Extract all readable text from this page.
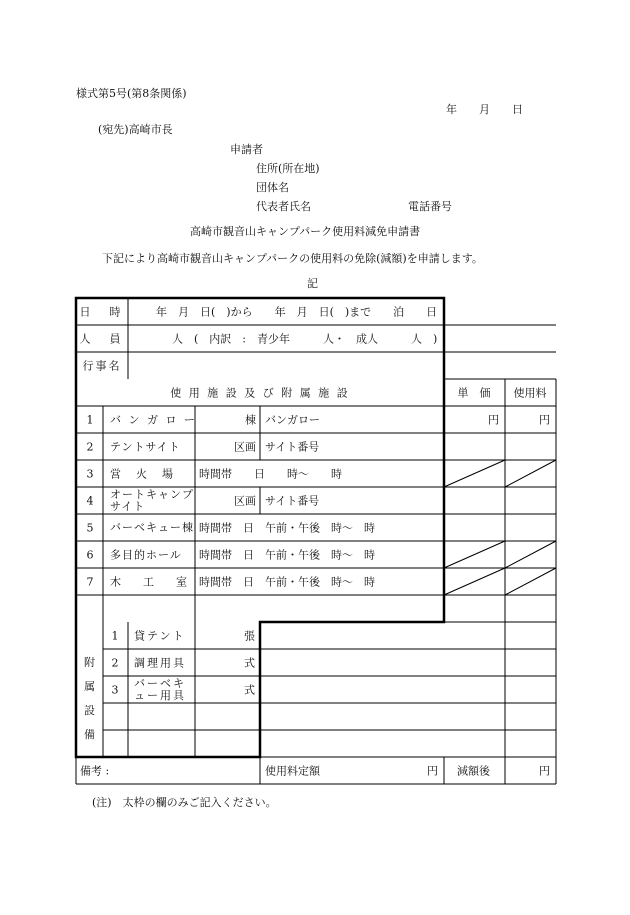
様式第5号(第8条関係)
年　　月　　日
(宛先)高崎市長
申請者
住所(所在地)
団体名
代表者氏名	電話番号
高崎市観音山キャンプパーク使用料減免申請書
下記により高崎市観音山キャンプパークの使用料の免除(減額)を申請します。
記
日　時	年　月　日(　)から　　年　月　日(　)まで　　泊　　日
人　員	人　(　内訳　:　青少年　　　人・　成人　　　人　)
行事名
使 用 施 設 及 び 附 属 施 設	単　価 使用料
1 バ ン ガ ロ ー	棟 バンガロー	円	円
2 テントサイト	区画 サイト番号
3 営　火　場 時間帯　　日　　時～　　時
4 オートキャンプサイト	区画 サイト番号
5 バーベキュー棟 時間帯　日　午前・午後　時～　時
6 多目的ホール 時間帯　日　午前・午後　時～　時
7 木　　工　　室 時間帯　日　午前・午後　時～　時
附
属
設
備
1 貸テント	張
2 調理用具	式
3 バーベキュー用具	式
備考 :	使用料定額	円 減額後	円
(注)　太枠の欄のみご記入ください。
